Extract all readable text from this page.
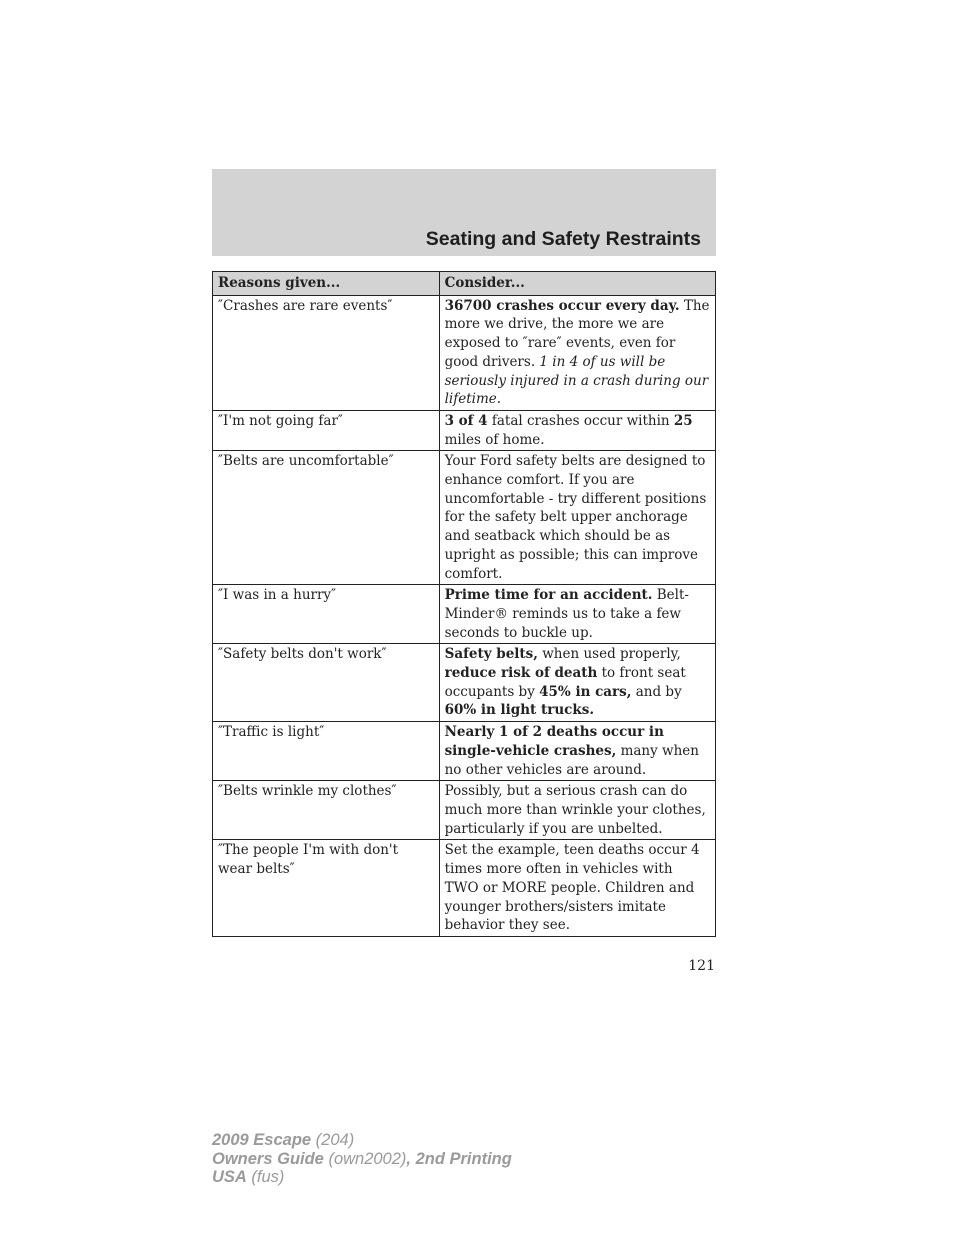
Seating and Safety Restraints
Reasons given...	Consider...
″Crashes are rare events″	36700 crashes occur every day. The more we drive, the more we are exposed to ″rare″ events, even for good drivers. 1 in 4 of us will be seriously injured in a crash during our lifetime.
″I'm not going far″	3 of 4 fatal crashes occur within 25 miles of home.
″Belts are uncomfortable″	Your Ford safety belts are designed to enhance comfort. If you are uncomfortable - try different positions for the safety belt upper anchorage and seatback which should be as upright as possible; this can improve comfort.
″I was in a hurry″	Prime time for an accident. Belt-Minder® reminds us to take a few seconds to buckle up.
″Safety belts don't work″	Safety belts, when used properly, reduce risk of death to front seat occupants by 45% in cars, and by 60% in light trucks.
″Traffic is light″	Nearly 1 of 2 deaths occur in single-vehicle crashes, many when no other vehicles are around.
″Belts wrinkle my clothes″	Possibly, but a serious crash can do much more than wrinkle your clothes, particularly if you are unbelted.
″The people I'm with don't wear belts″	Set the example, teen deaths occur 4 times more often in vehicles with TWO or MORE people. Children and younger brothers/sisters imitate behavior they see.
121
2009 Escape (204)
Owners Guide (own2002), 2nd Printing
USA (fus)
